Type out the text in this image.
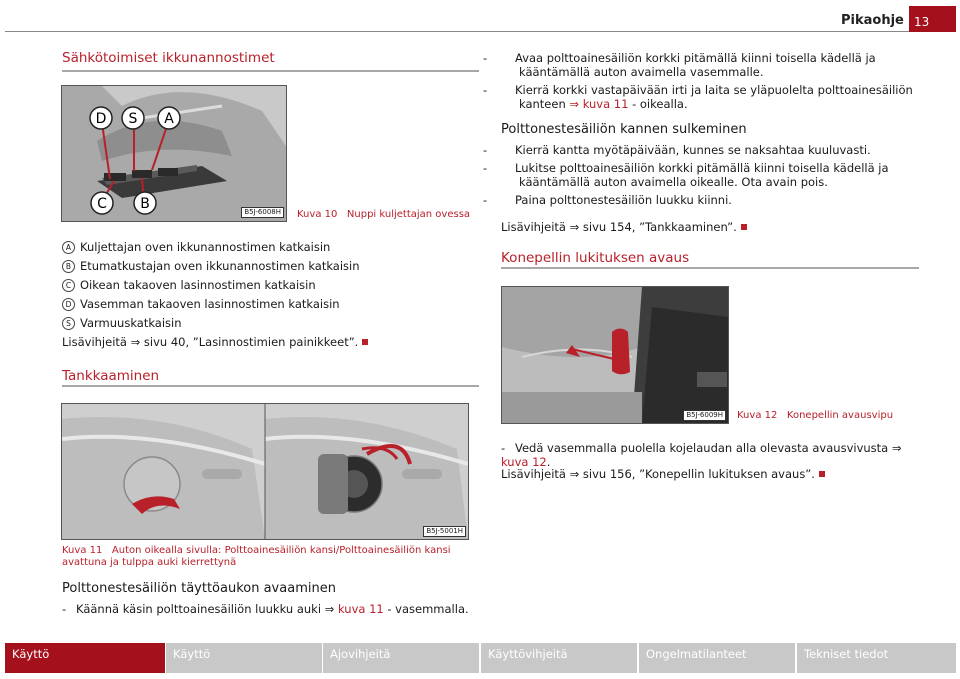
Pikaohje 13
Sähkötoimiset ikkunannostimet
D S A
C B	B5J-6008H	Kuva 10 Nuppi kuljettajan ovessa
A Kuljettajan oven ikkunannostimen katkaisin
B Etumatkustajan oven ikkunannostimen katkaisin
C Oikean takaoven lasinnostimen katkaisin
D Vasemman takaoven lasinnostimen katkaisin
S Varmuuskatkaisin
Lisävihjeitä ⇒ sivu 40, ”Lasinnostimien painikkeet”.
Tankkaaminen
B5J-5001H
Kuva 11 Auton oikealla sivulla: Polttoainesäiliön kansi/Polttoainesäiliön kansi avattuna ja tulppa auki kierrettynä
Polttonestesäiliön täyttöaukon avaaminen
- Käännä käsin polttoainesäiliön luukku auki ⇒ kuva 11 - vasemmalla.
- Avaa polttoainesäiliön korkki pitämällä kiinni toisella kädellä ja kääntämällä auton avaimella vasemmalle.
- Kierrä korkki vastapäivään irti ja laita se yläpuolelta polttoainesäiliön kanteen ⇒ kuva 11 - oikealla.
Polttonestesäiliön kannen sulkeminen
- Kierrä kantta myötäpäivään, kunnes se naksahtaa kuuluvasti.
- Lukitse polttoainesäiliön korkki pitämällä kiinni toisella kädellä ja kääntämällä auton avaimella oikealle. Ota avain pois.
- Paina polttonestesäiliön luukku kiinni.
Lisävihjeitä ⇒ sivu 154, ”Tankkaaminen”.
Konepellin lukituksen avaus
B5J-6009H	Kuva 12 Konepellin avausvipu
- Vedä vasemmalla puolella kojelaudan alla olevasta avausvivusta ⇒ kuva 12.
Lisävihjeitä ⇒ sivu 156, ”Konepellin lukituksen avaus”.
Käyttö	Käyttö	Ajovihjeitä	Käyttövihjeitä	Ongelmatilanteet	Tekniset tiedot
